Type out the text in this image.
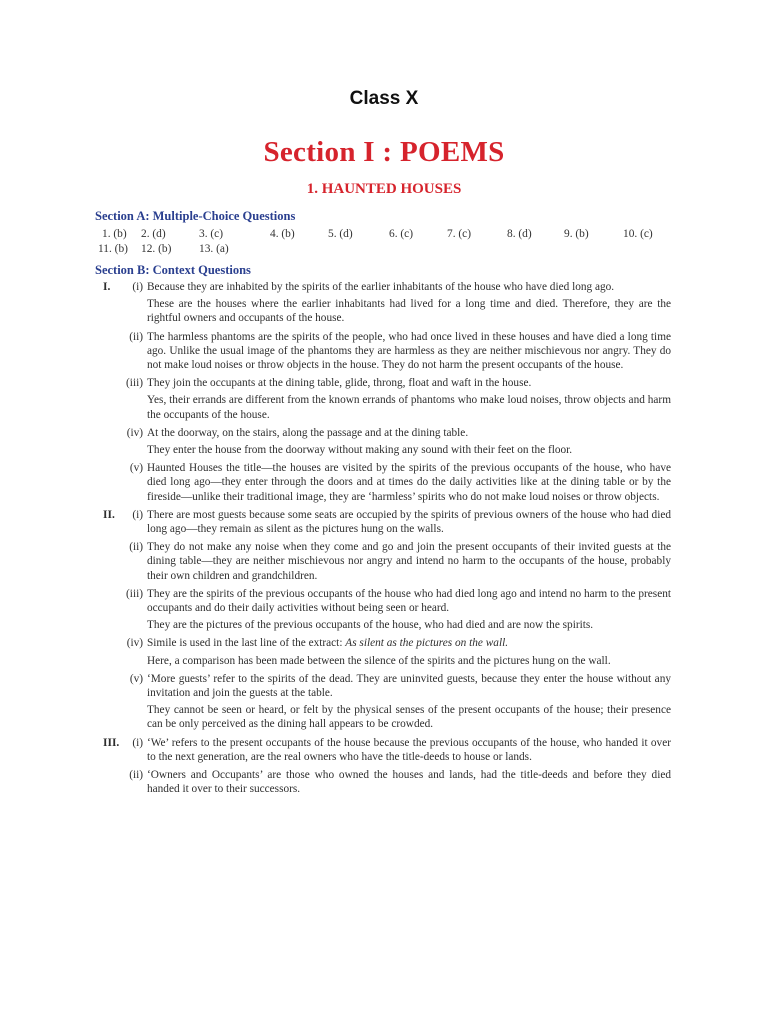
Class X
Section I : POEMS
1. HAUNTED HOUSES
Section A: Multiple-Choice Questions
1. (b) 2. (d)	3. (c)	4. (b)	5. (d)	6. (c)	7. (c)	8. (d)	9. (b)	10. (c)
11. (b) 12. (b) 13. (a)
Section B: Context Questions
I.	(i) Because they are inhabited by the spirits of the earlier inhabitants of the house who have died long ago.
These are the houses where the earlier inhabitants had lived for a long time and died. Therefore, they are the rightful owners and occupants of the house.
(ii) The harmless phantoms are the spirits of the people, who had once lived in these houses and have died a long time ago. Unlike the usual image of the phantoms they are harmless as they are neither mischievous nor angry. They do not make loud noises or throw objects in the house. They do not harm the present occupants of the house.
(iii) They join the occupants at the dining table, glide, throng, float and waft in the house.
Yes, their errands are different from the known errands of phantoms who make loud noises, throw objects and harm the occupants of the house.
(iv) At the doorway, on the stairs, along the passage and at the dining table.
They enter the house from the doorway without making any sound with their feet on the floor.
(v) Haunted Houses the title—the houses are visited by the spirits of the previous occupants of the house, who have died long ago—they enter through the doors and at times do the daily activities like at the dining table or by the fireside—unlike their traditional image, they are ‘harmless’ spirits who do not make loud noises or throw objects.
II.	(i) There are most guests because some seats are occupied by the spirits of previous owners of the house who had died long ago—they remain as silent as the pictures hung on the walls.
(ii) They do not make any noise when they come and go and join the present occupants of their invited guests at the dining table—they are neither mischievous nor angry and intend no harm to the occupants of the house, probably their own children and grandchildren.
(iii) They are the spirits of the previous occupants of the house who had died long ago and intend no harm to the present occupants and do their daily activities without being seen or heard.
They are the pictures of the previous occupants of the house, who had died and are now the spirits.
(iv) Simile is used in the last line of the extract: As silent as the pictures on the wall.
Here, a comparison has been made between the silence of the spirits and the pictures hung on the wall.
(v) ‘More guests’ refer to the spirits of the dead. They are uninvited guests, because they enter the house without any invitation and join the guests at the table.
They cannot be seen or heard, or felt by the physical senses of the present occupants of the house; their presence can be only perceived as the dining hall appears to be crowded.
III.	(i) ‘We’ refers to the present occupants of the house because the previous occupants of the house, who handed it over to the next generation, are the real owners who have the title-deeds to house or lands.
(ii) ‘Owners and Occupants’ are those who owned the houses and lands, had the title-deeds and before they died handed it over to their successors.
